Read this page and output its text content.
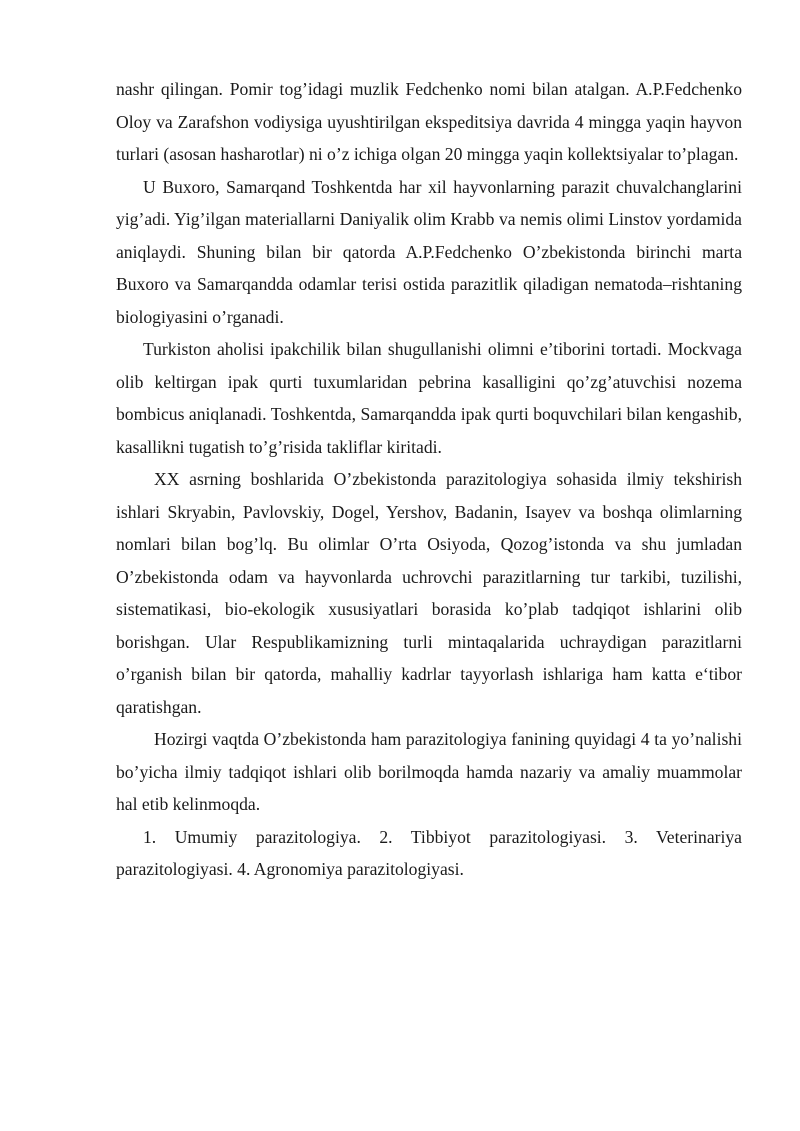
nashr qilingan. Pomir tog’idagi muzlik Fedchenko nomi bilan atalgan. A.P.Fedchenko Oloy va Zarafshon vodiysiga uyushtirilgan ekspeditsiya davrida 4 mingga yaqin hayvon turlari (asosan hasharotlar) ni o’z ichiga olgan 20 mingga yaqin kollektsiyalar to’plagan.

U Buxoro, Samarqand Toshkentda har xil hayvonlarning parazit chuvalchanglarini yig’adi. Yig’ilgan materiallarni Daniyalik olim Krabb va nemis olimi Linstov yordamida aniqlaydi. Shuning bilan bir qatorda A.P.Fedchenko O’zbekistonda birinchi marta Buxoro va Samarqandda odamlar terisi ostida parazitlik qiladigan nematoda–rishtaning biologiyasini o’rganadi.

Turkiston aholisi ipakchilik bilan shugullanishi olimni e’tiborini tortadi. Mockvaga olib keltirgan ipak qurti tuxumlaridan pebrina kasalligini qo’zg’atuvchisi nozema bombicus aniqlanadi. Toshkentda, Samarqandda ipak qurti boquvchilari bilan kengashib, kasallikni tugatish to’g’risida takliflar kiritadi.

XX asrning boshlarida O’zbekistonda parazitologiya sohasida ilmiy tekshirish ishlari Skryabin, Pavlovskiy, Dogel, Yershov, Badanin, Isayev va boshqa olimlarning nomlari bilan bog’lq. Bu olimlar O’rta Osiyoda, Qozog’istonda va shu jumladan O’zbekistonda odam va hayvonlarda uchrovchi parazitlarning tur tarkibi, tuzilishi, sistematikasi, bio-ekologik xususiyatlari borasida ko’plab tadqiqot ishlarini olib borishgan. Ular Respublikamizning turli mintaqalarida uchraydigan parazitlarni o’rganish bilan bir qatorda, mahalliy kadrlar tayyorlash ishlariga ham katta e‘tibor qaratishgan.

Hozirgi vaqtda O’zbekistonda ham parazitologiya fanining quyidagi 4 ta yo’nalishi bo’yicha ilmiy tadqiqot ishlari olib borilmoqda hamda nazariy va amaliy muammolar hal etib kelinmoqda.

1. Umumiy parazitologiya. 2. Tibbiyot parazitologiyasi. 3. Veterinariya parazitologiyasi. 4. Agronomiya parazitologiyasi.
